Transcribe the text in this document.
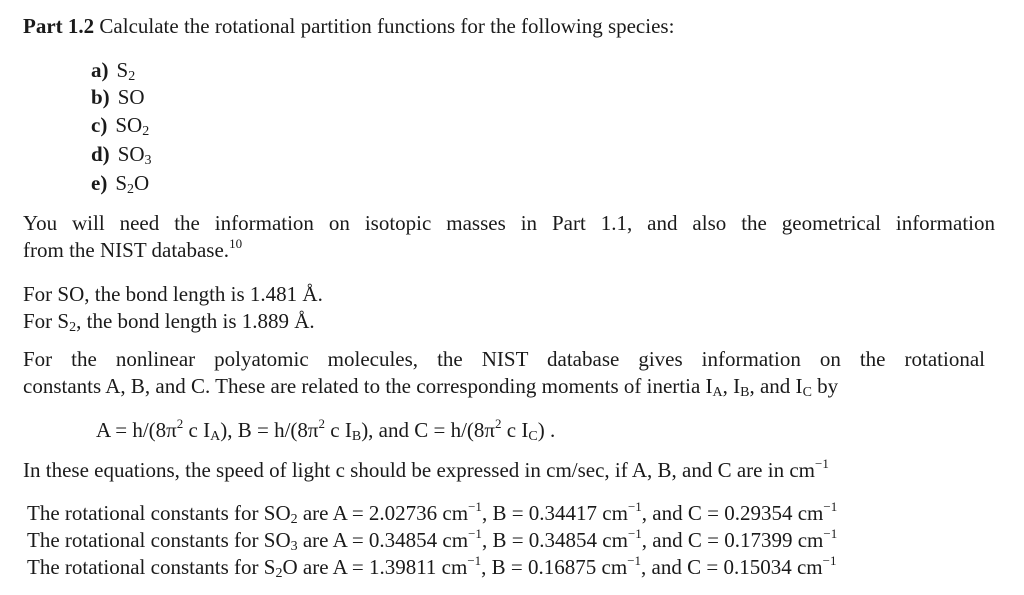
Part 1.2 Calculate the rotational partition functions for the following species:
a) $S_2$
b) SO
c) $SO_2$
d) $SO_3$
e) $S_2O$
You will need the information on isotopic masses in Part 1.1, and also the geometrical information
from the NIST database.$^{10}$
For SO, the bond length is 1.481 Å.
For $S_2$, the bond length is 1.889 Å.
For the nonlinear polyatomic molecules, the NIST database gives information on the rotational
constants A, B, and C. These are related to the corresponding moments of inertia $I_A$, $I_B$, and $I_C$ by
$A = h/(8\pi^2$ c $I_A$), $B = h/(8\pi^2$ c $I_B$), and $C = h/(8\pi^2$ c $I_C$) .
In these equations, the speed of light c should be expressed in cm/sec, if A, B, and C are in $cm^{-1}$
The rotational constants for $SO_2$ are A = 2.02736 $cm^{-1}$, B = 0.34417 $cm^{-1}$, and C = 0.29354 $cm^{-1}$
The rotational constants for $SO_3$ are A = 0.34854 $cm^{-1}$, B = 0.34854 $cm^{-1}$, and C = 0.17399 $cm^{-1}$
The rotational constants for $S_2O$ are A = 1.39811 $cm^{-1}$, B = 0.16875 $cm^{-1}$, and C = 0.15034 $cm^{-1}$
